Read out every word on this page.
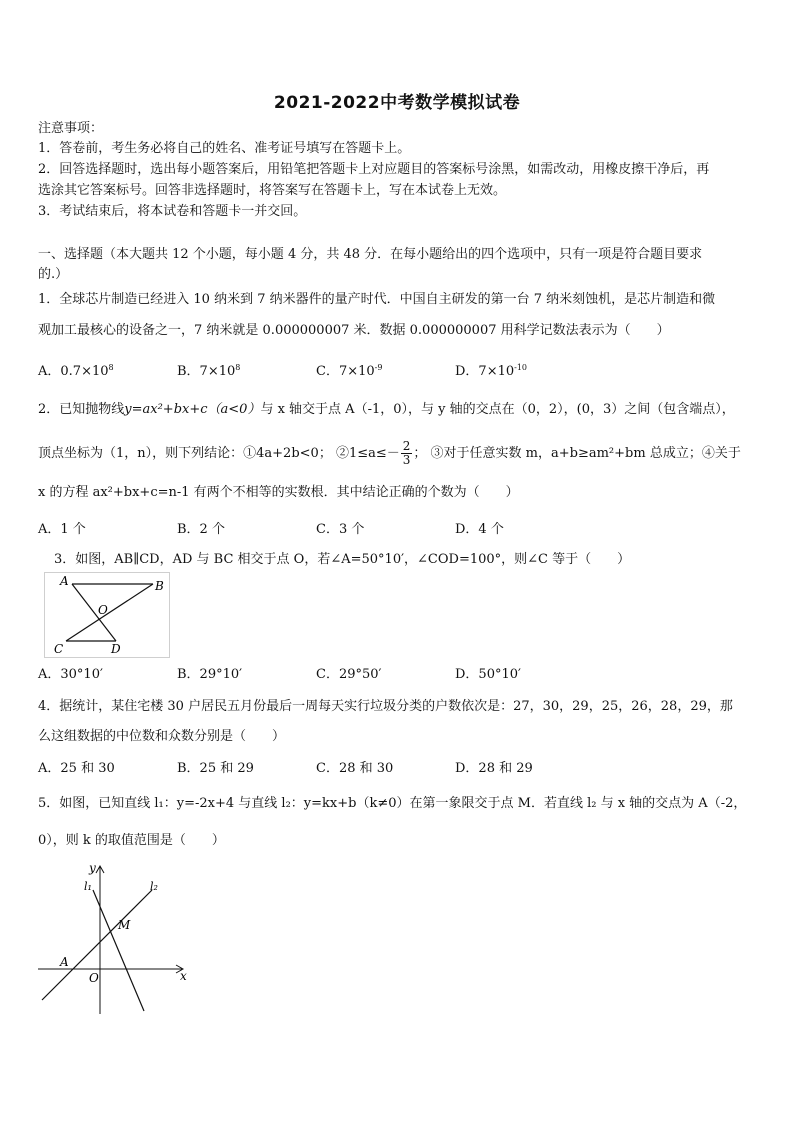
2021-2022中考数学模拟试卷
注意事项：
1．答卷前，考生务必将自己的姓名、准考证号填写在答题卡上。
2．回答选择题时，选出每小题答案后，用铅笔把答题卡上对应题目的答案标号涂黑，如需改动，用橡皮擦干净后，再
选涂其它答案标号。回答非选择题时，将答案写在答题卡上，写在本试卷上无效。
3．考试结束后，将本试卷和答题卡一并交回。
一、选择题（本大题共 12 个小题，每小题 4 分，共 48 分．在每小题给出的四个选项中，只有一项是符合题目要求
的.）
1．全球芯片制造已经进入 10 纳米到 7 纳米器件的量产时代．中国自主研发的第一台 7 纳米刻蚀机，是芯片制造和微
观加工最核心的设备之一，7 纳米就是 0.000000007 米．数据 0.000000007 用科学记数法表示为（　　）
A．$0.7\times 10^8$	B．$7\times 10^8$	C．$7\times 10^{-9}$	D．$7\times 10^{-10}$
2．已知抛物线y=ax²+bx+c（a<0）与 x 轴交于点 A（-1，0），与 y 轴的交点在（0，2），(0，3）之间（包含端点），
顶点坐标为（1，n），则下列结论：①4a+2b<0； ②1≤a≤－ $\frac{2}{3}$ ； ③对于任意实数 m，a+b≥am²+bm 总成立；④关于
x 的方程 ax²+bx+c=n-1 有两个不相等的实数根．其中结论正确的个数为（　　）
A．1 个	B．2 个	C．3 个	D．4 个
3．如图，AB∥CD，AD 与 BC 相交于点 O，若∠A=50°10′，∠COD=100°，则∠C 等于（　　）
A	B
O
C	D
A．30°10′	B．29°10′	C．29°50′	D．50°10′
4．据统计，某住宅楼 30 户居民五月份最后一周每天实行垃圾分类的户数依次是：27，30，29，25，26，28，29，那
么这组数据的中位数和众数分别是（　　）
A．25 和 30	B．25 和 29	C．28 和 30	D．28 和 29
5．如图，已知直线 l₁：y=-2x+4 与直线 l₂：y=kx+b（k≠0）在第一象限交于点 M．若直线 l₂ 与 x 轴的交点为 A（-2，
0），则 k 的取值范围是（　　）
y
x
O
A
M
l₁	l₂
